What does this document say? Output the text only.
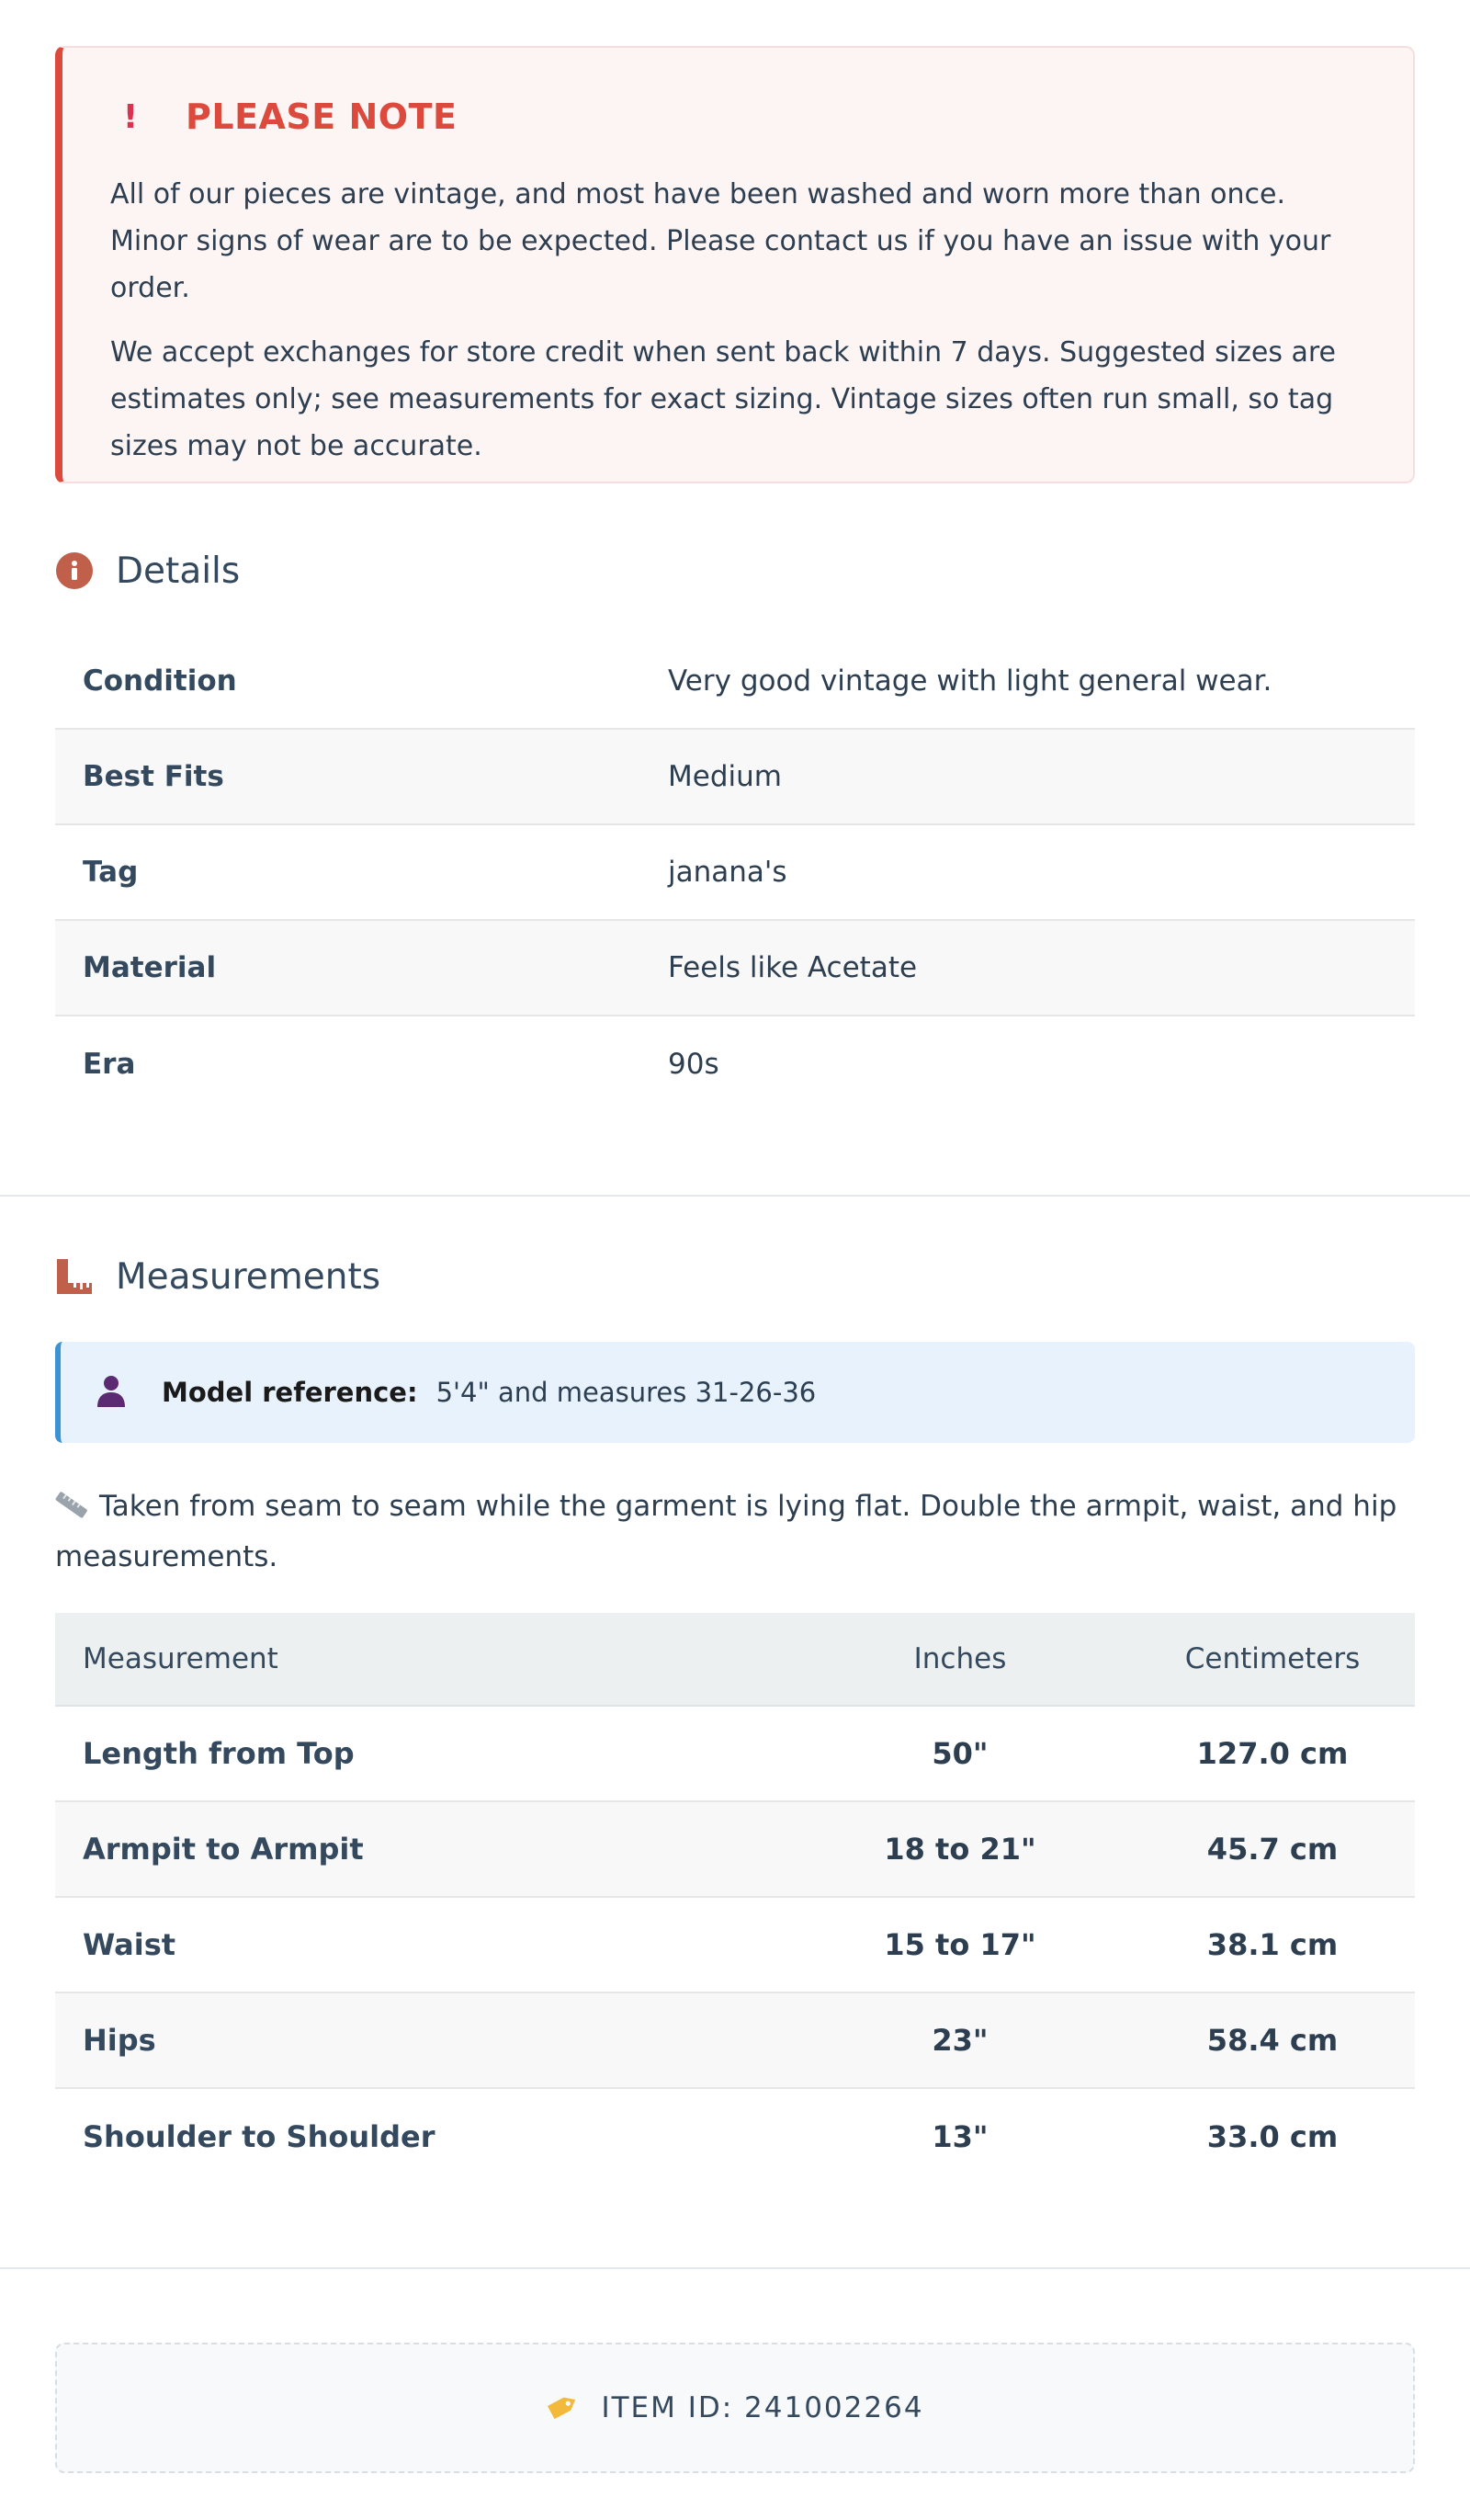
! PLEASE NOTE

All of our pieces are vintage, and most have been washed and worn more than once. Minor signs of wear are to be expected. Please contact us if you have an issue with your order.

We accept exchanges for store credit when sent back within 7 days. Suggested sizes are estimates only; see measurements for exact sizing. Vintage sizes often run small, so tag sizes may not be accurate.

Details
Condition	Very good vintage with light general wear.
Best Fits	Medium
Tag	janana's
Material	Feels like Acetate
Era	90s
Measurements
Model reference: 5'4" and measures 31-26-36
Taken from seam to seam while the garment is lying flat. Double the armpit, waist, and hip measurements.
Measurement	Inches	Centimeters
Length from Top	50"	127.0 cm
Armpit to Armpit	18 to 21"	45.7 cm
Waist	15 to 17"	38.1 cm
Hips	23"	58.4 cm
Shoulder to Shoulder	13"	33.0 cm
ITEM ID: 241002264
